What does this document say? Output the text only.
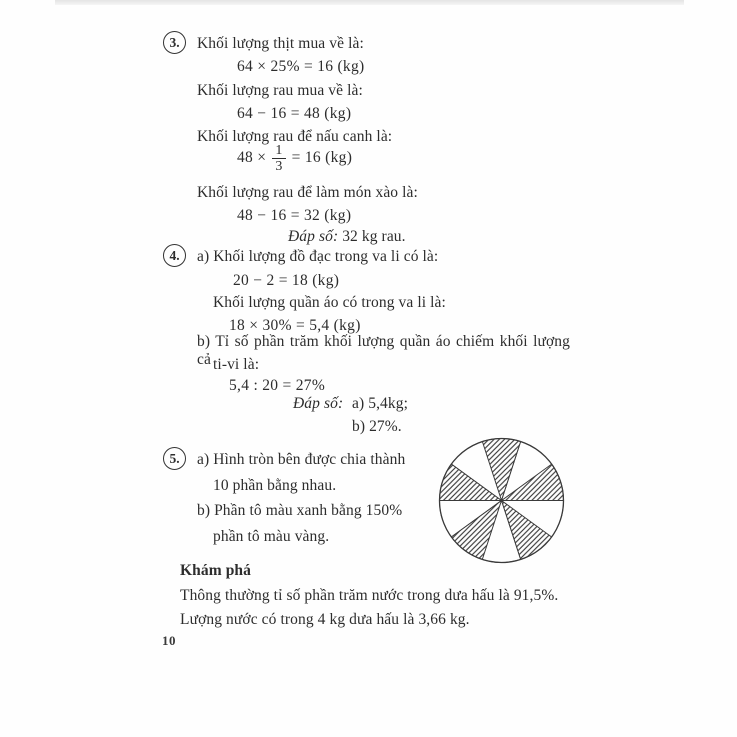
3. Khối lượng thịt mua về là:
64 × 25% = 16 (kg)
Khối lượng rau mua về là:
64 − 16 = 48 (kg)
Khối lượng rau để nấu canh là:
$48 \times \frac{1}{3} = 16$ (kg)
Khối lượng rau để làm món xào là:
48 − 16 = 32 (kg)
Đáp số: 32 kg rau.
4. a) Khối lượng đồ đạc trong va li có là:
20 − 2 = 18 (kg)
Khối lượng quần áo có trong va li là:
18 × 30% = 5,4 (kg)
b) Tỉ số phần trăm khối lượng quần áo chiếm khối lượng cả ti-vi là:
5,4 : 20 = 27%
Đáp số: a) 5,4kg;
b) 27%.
5. a) Hình tròn bên được chia thành
10 phần bằng nhau.
b) Phần tô màu xanh bằng 150%
phần tô màu vàng.
Khám phá
Thông thường tỉ số phần trăm nước trong dưa hấu là 91,5%.
Lượng nước có trong 4 kg dưa hấu là 3,66 kg.
10
